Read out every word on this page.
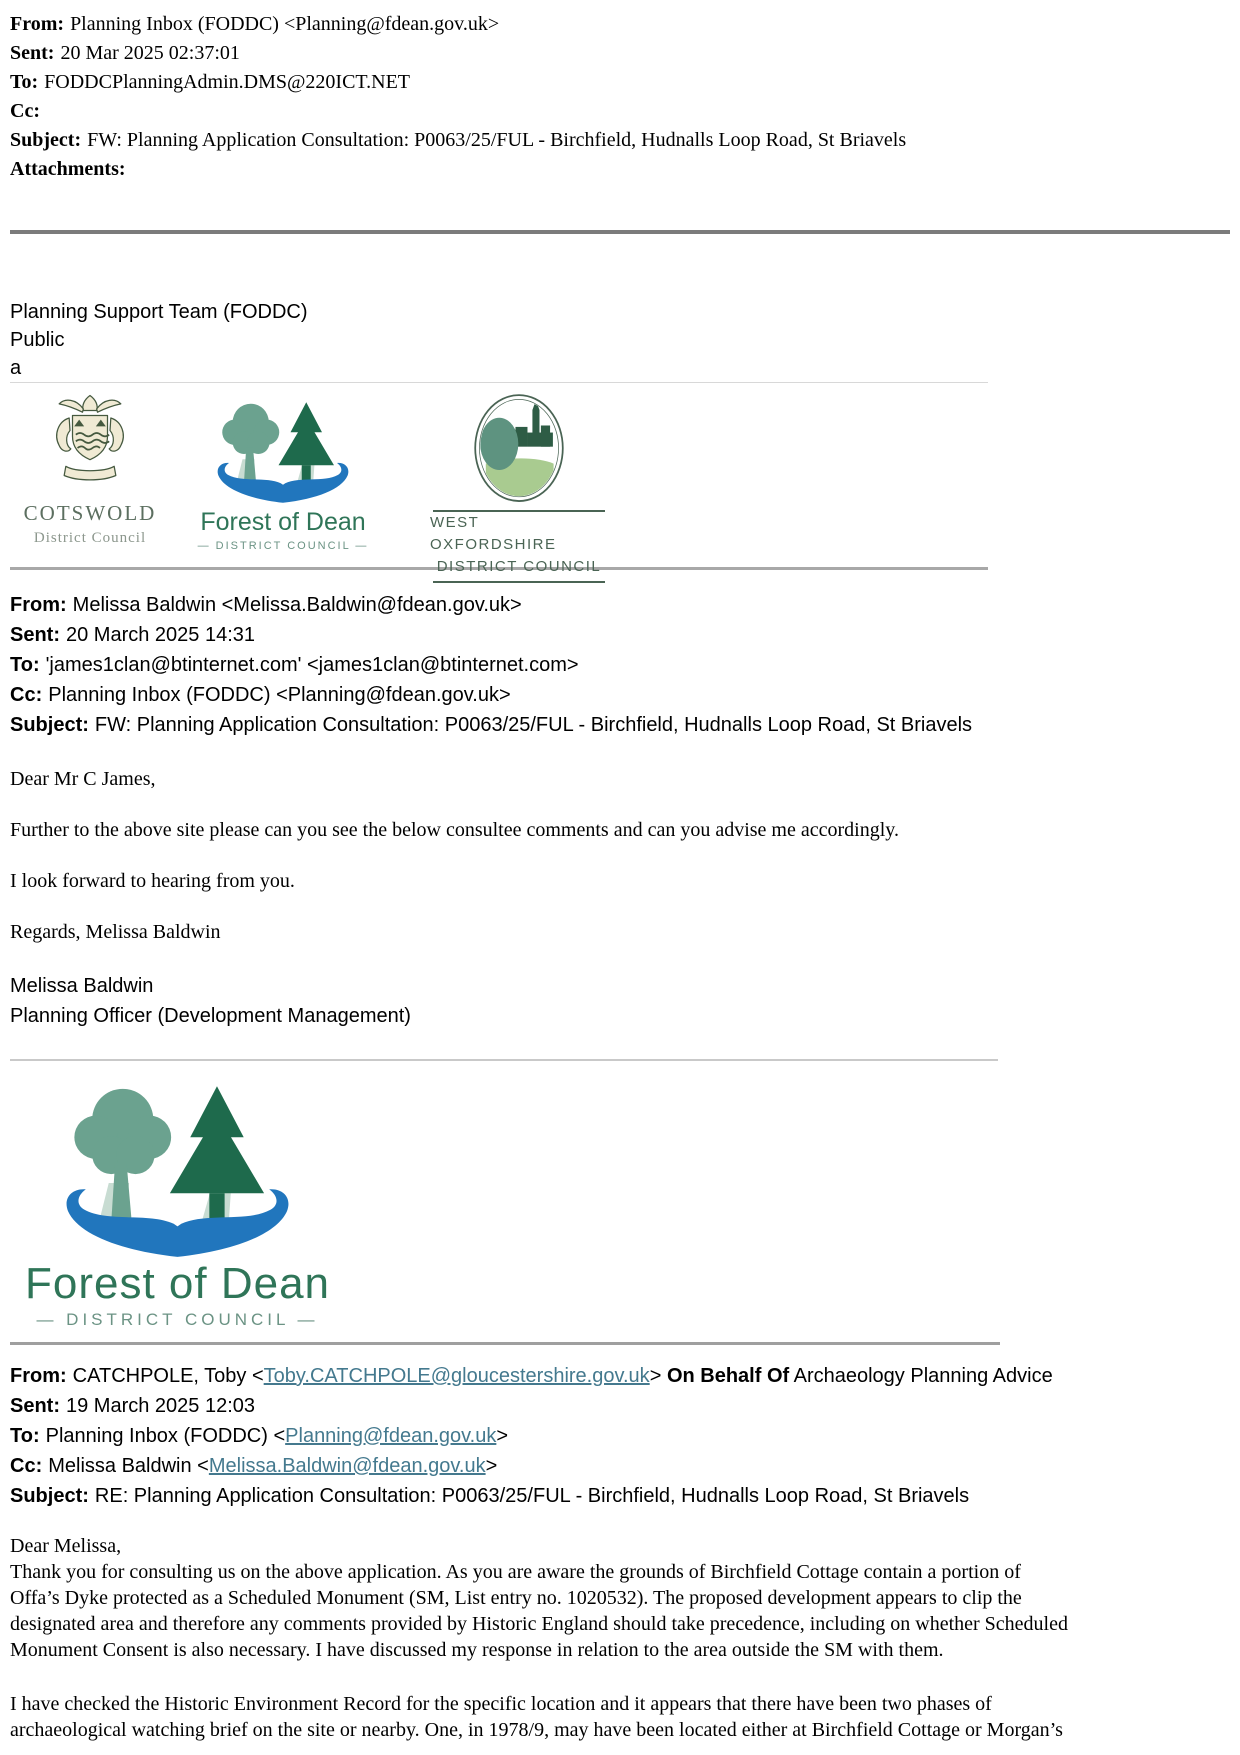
From: Planning Inbox (FODDC) <Planning@fdean.gov.uk>
Sent: 20 Mar 2025 02:37:01
To: FODDCPlanningAdmin.DMS@220ICT.NET
Cc:
Subject: FW: Planning Application Consultation: P0063/25/FUL - Birchfield, Hudnalls Loop Road, St Briavels
Attachments:
Planning Support Team (FODDC)
Public
a
COTSWOLD
District Council
Forest of Dean
— DISTRICT COUNCIL —
WEST OXFORDSHIRE
DISTRICT COUNCIL
From: Melissa Baldwin <Melissa.Baldwin@fdean.gov.uk>
Sent: 20 March 2025 14:31
To: 'james1clan@btinternet.com' <james1clan@btinternet.com>
Cc: Planning Inbox (FODDC) <Planning@fdean.gov.uk>
Subject: FW: Planning Application Consultation: P0063/25/FUL - Birchfield, Hudnalls Loop Road, St Briavels

Dear Mr C James,

Further to the above site please can you see the below consultee comments and can you advise me accordingly.

I look forward to hearing from you.

Regards, Melissa Baldwin

Melissa Baldwin
Planning Officer (Development Management)
Forest of Dean
— DISTRICT COUNCIL —
From: CATCHPOLE, Toby <Toby.CATCHPOLE@gloucestershire.gov.uk> On Behalf Of Archaeology Planning Advice
Sent: 19 March 2025 12:03
To: Planning Inbox (FODDC) <Planning@fdean.gov.uk>
Cc: Melissa Baldwin <Melissa.Baldwin@fdean.gov.uk>
Subject: RE: Planning Application Consultation: P0063/25/FUL - Birchfield, Hudnalls Loop Road, St Briavels
Dear Melissa,
Thank you for consulting us on the above application. As you are aware the grounds of Birchfield Cottage contain a portion of
Offa’s Dyke protected as a Scheduled Monument (SM, List entry no. 1020532). The proposed development appears to clip the
designated area and therefore any comments provided by Historic England should take precedence, including on whether Scheduled
Monument Consent is also necessary. I have discussed my response in relation to the area outside the SM with them.
I have checked the Historic Environment Record for the specific location and it appears that there have been two phases of
archaeological watching brief on the site or nearby. One, in 1978/9, may have been located either at Birchfield Cottage or Morgan’s
